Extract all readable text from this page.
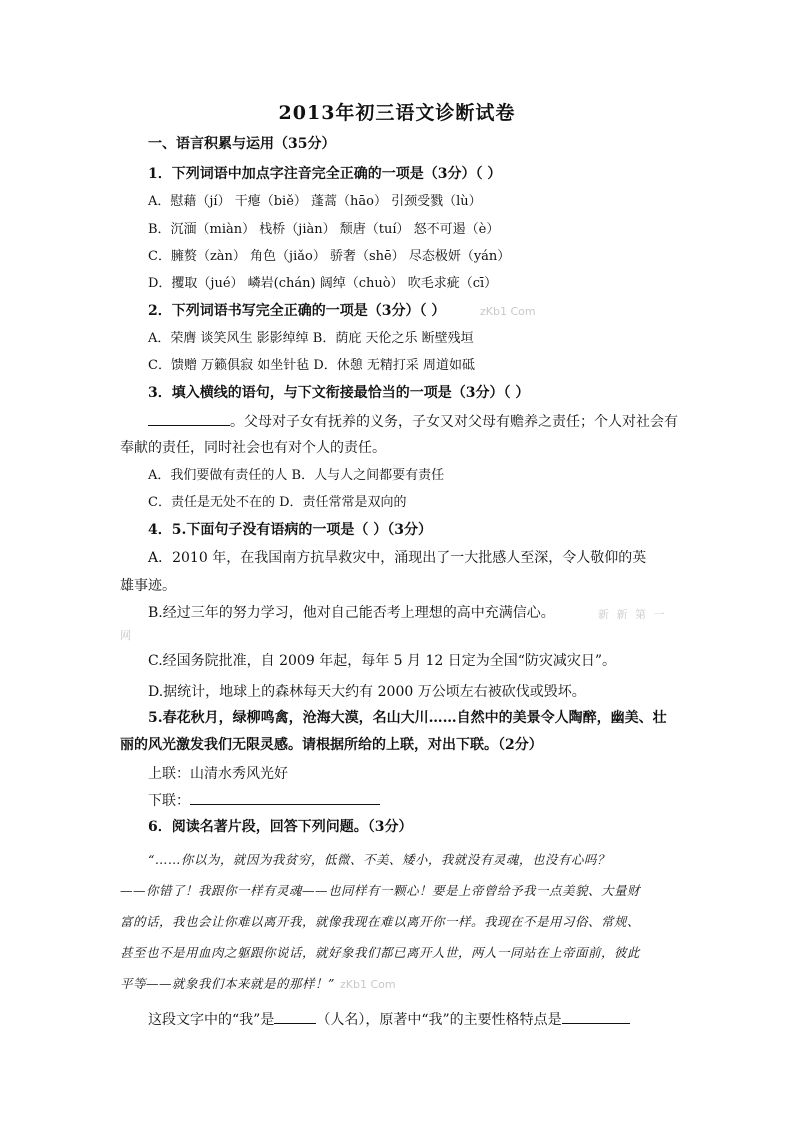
2013年初三语文诊断试卷
一、语言积累与运用（35分）
1．下列词语中加点字注音完全正确的一项是（3分）（ ）
A．慰藉（jí） 干瘪（biě） 蓬蒿（hāo） 引颈受戮（lù）
B．沉湎（miàn） 栈桥（jiàn） 颓唐（tuí） 怒不可遏（è）
C．臃赘（zàn） 角色（jiǎo） 骄奢（shē） 尽态极妍（yán）
D．攫取（jué） 嶙岩(chán) 阔绰（chuò） 吹毛求疵（cī）
2．下列词语书写完全正确的一项是（3分）（ ）	zKb1 Com
A．荣膺 谈笑风生 影影绰绰 B．荫庇 天伦之乐 断壁残垣
C．馈赠 万籁俱寂 如坐针毡 D．休憩 无精打采 周道如砥
3．填入横线的语句，与下文衔接最恰当的一项是（3分）（ ）
。父母对子女有抚养的义务，子女又对父母有赡养之责任；个人对社会有
奉献的责任，同时社会也有对个人的责任。
A．我们要做有责任的人 B．人与人之间都要有责任
C．责任是无处不在的 D．责任常常是双向的
4．5.下面句子没有语病的一项是（ ）（3分）
A．2010 年，在我国南方抗旱救灾中，涌现出了一大批感人至深，令人敬仰的英
雄事迹。
B.经过三年的努力学习，他对自己能否考上理想的高中充满信心。	新 新 第 一
网
C.经国务院批准，自 2009 年起，每年 5 月 12 日定为全国“防灾减灾日”。
D.据统计，地球上的森林每天大约有 2000 万公顷左右被砍伐或毁坏。
5.春花秋月，绿柳鸣禽，沧海大漠，名山大川……自然中的美景令人陶醉，幽美、壮
丽的风光激发我们无限灵感。请根据所给的上联，对出下联。（2分）
上联：山清水秀风光好
下联：
6．阅读名著片段，回答下列问题。（3分）
“……你以为，就因为我贫穷，低微、不美、矮小，我就没有灵魂，也没有心吗？
——你错了！我跟你一样有灵魂——也同样有一颗心！要是上帝曾给予我一点美貌、大量财
富的话，我也会让你难以离开我，就像我现在难以离开你一样。我现在不是用习俗、常规、
甚至也不是用血肉之躯跟你说话，就好象我们都已离开人世，两人一同站在上帝面前，彼此
平等——就象我们本来就是的那样！” zKb1 Com
这段文字中的“我”是	（人名），原著中“我”的主要性格特点是
